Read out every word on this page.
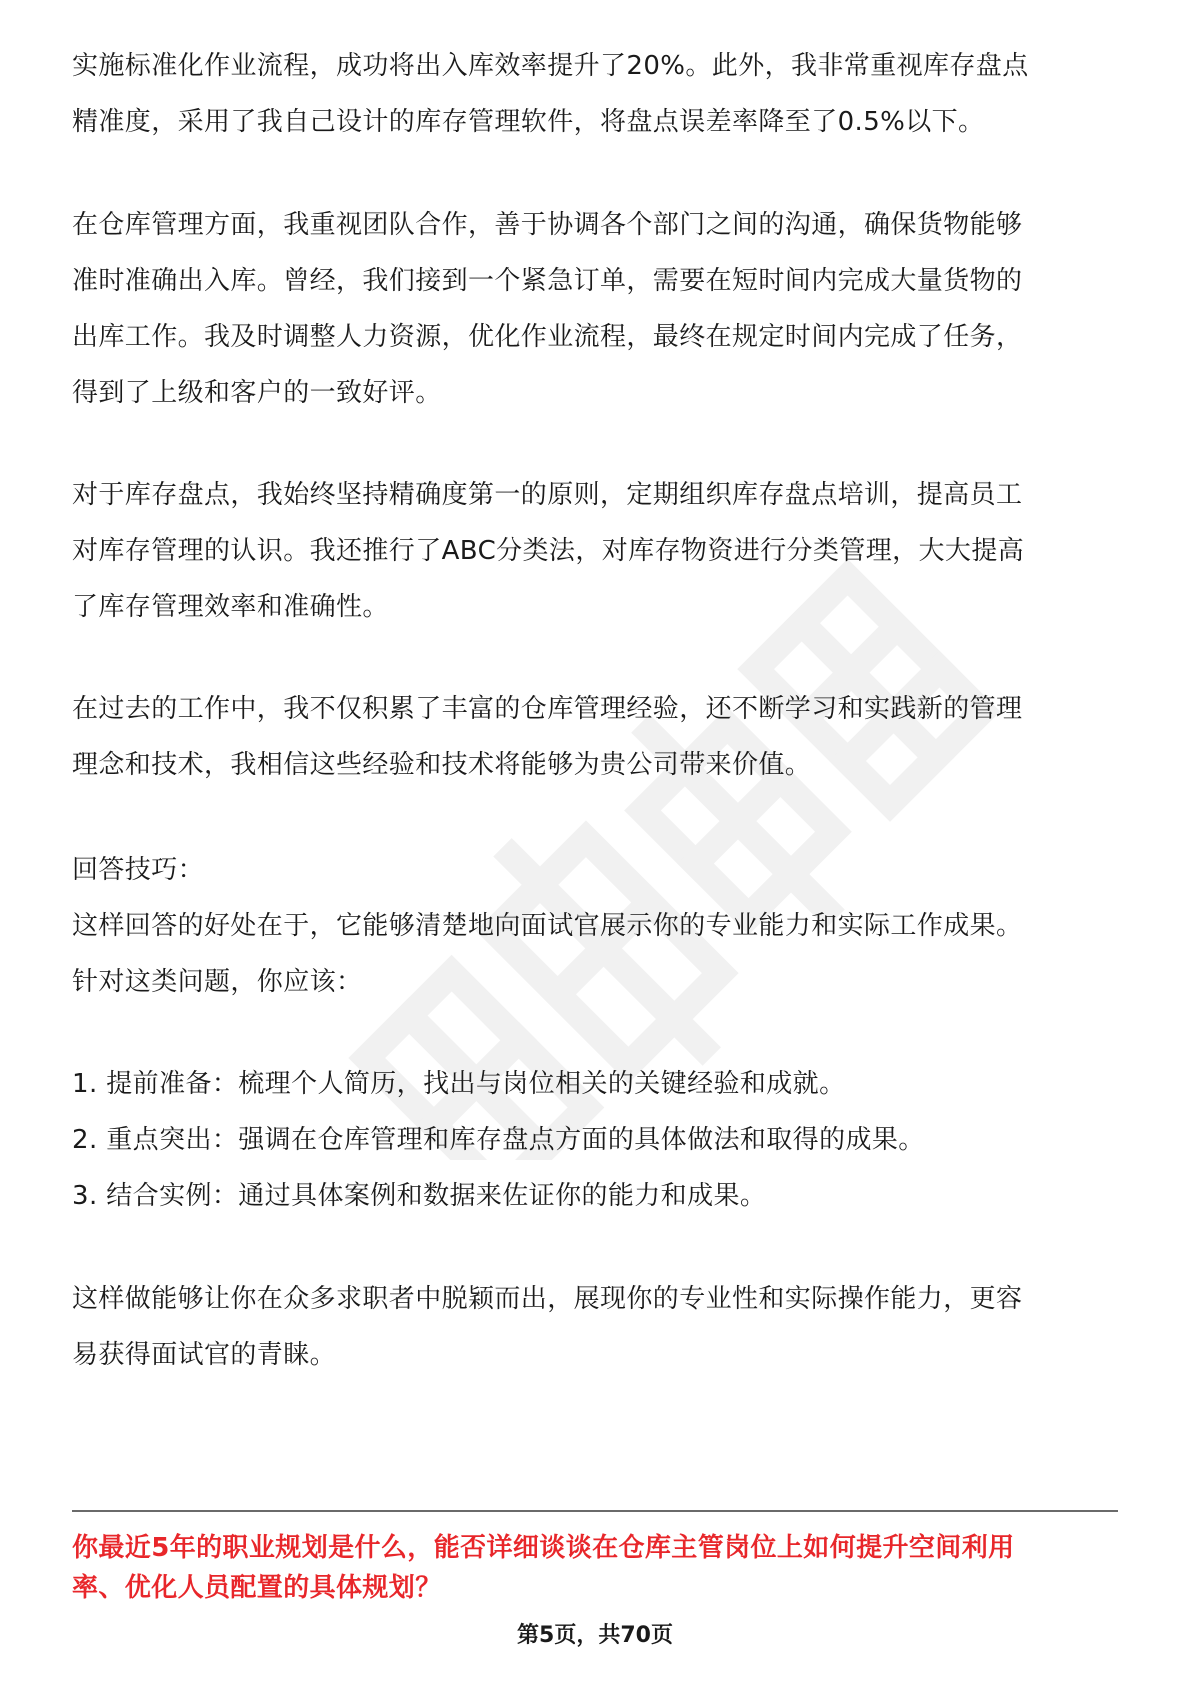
实施标准化作业流程，成功将出入库效率提升了20%。此外，我非常重视库存盘点
精准度，采用了我自己设计的库存管理软件，将盘点误差率降至了0.5%以下。

在仓库管理方面，我重视团队合作，善于协调各个部门之间的沟通，确保货物能够
准时准确出入库。曾经，我们接到一个紧急订单，需要在短时间内完成大量货物的
出库工作。我及时调整人力资源，优化作业流程，最终在规定时间内完成了任务，
得到了上级和客户的一致好评。

对于库存盘点，我始终坚持精确度第一的原则，定期组织库存盘点培训，提高员工
对库存管理的认识。我还推行了ABC分类法，对库存物资进行分类管理，大大提高
了库存管理效率和准确性。

在过去的工作中，我不仅积累了丰富的仓库管理经验，还不断学习和实践新的管理
理念和技术，我相信这些经验和技术将能够为贵公司带来价值。

回答技巧：
这样回答的好处在于，它能够清楚地向面试官展示你的专业能力和实际工作成果。
针对这类问题，你应该：

1. 提前准备：梳理个人简历，找出与岗位相关的关键经验和成就。
2. 重点突出：强调在仓库管理和库存盘点方面的具体做法和取得的成果。
3. 结合实例：通过具体案例和数据来佐证你的能力和成果。

这样做能够让你在众多求职者中脱颖而出，展现你的专业性和实际操作能力，更容
易获得面试官的青睐。

你最近5年的职业规划是什么，能否详细谈谈在仓库主管岗位上如何提升空间利用
率、优化人员配置的具体规划？
第5页，共70页
